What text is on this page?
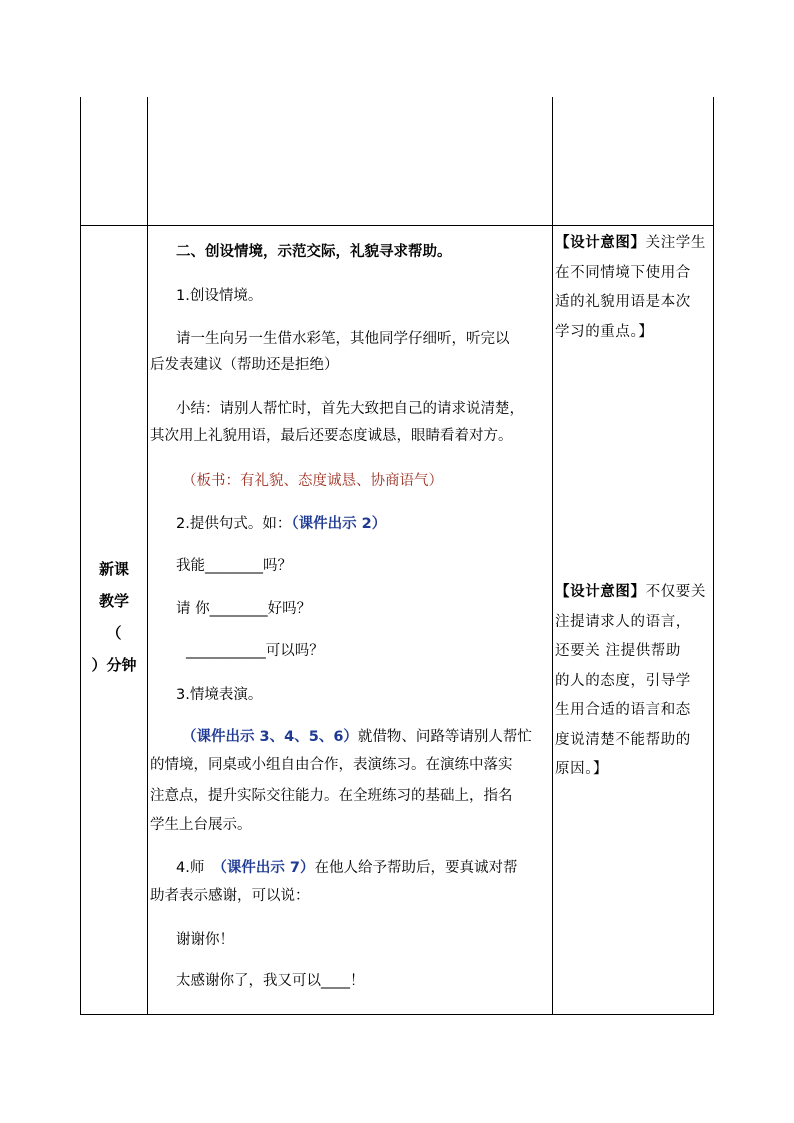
新课
教学
（
）分钟
二、创设情境，示范交际，礼貌寻求帮助。
1.创设情境。
请一生向另一生借水彩笔，其他同学仔细听，听完以
后发表建议（帮助还是拒绝）
小结：请别人帮忙时，首先大致把自己的请求说清楚，
其次用上礼貌用语，最后还要态度诚恳，眼睛看着对方。
（板书：有礼貌、态度诚恳、协商语气）
2.提供句式。如：（课件出示 2）
我能________吗？
请 你________好吗？
___________可以吗？
3.情境表演。
（课件出示 3、4、5、6）就借物、问路等请别人帮忙
的情境，同桌或小组自由合作，表演练习。在演练中落实
注意点，提升实际交往能力。在全班练习的基础上，指名
学生上台展示。
4.师 （课件出示 7）在他人给予帮助后，要真诚对帮
助者表示感谢，可以说：
谢谢你！
太感谢你了，我又可以____！
【设计意图】关注学生
在不同情境下使用合
适的礼貌用语是本次
学习的重点。】
【设计意图】不仅要关
注提请求人的语言，
还要关 注提供帮助
的人的态度，引导学
生用合适的语言和态
度说清楚不能帮助的
原因。】
